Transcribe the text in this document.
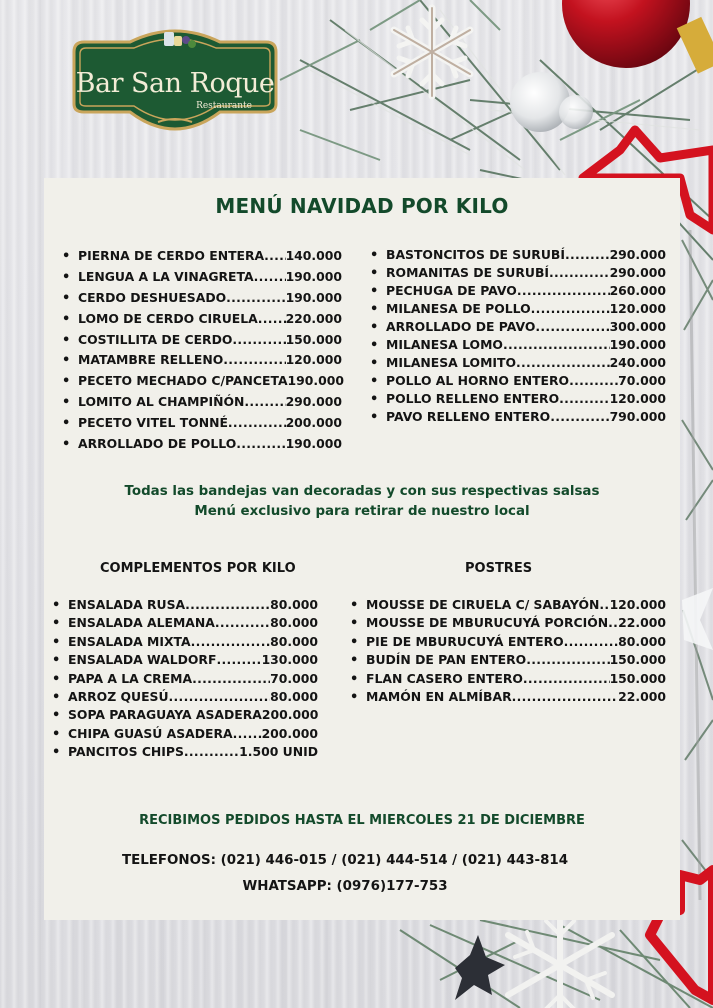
Bar San Roque
Restaurante
MENÚ NAVIDAD POR KILO
• PIERNA DE CERDO ENTERA ..... 140.000
• LENGUA A LA VINAGRETA .....	190.000
• CERDO DESHUESADO .....	190.000
• LOMO DE CERDO CIRUELA ..... 220.000
• COSTILLITA DE CERDO .....	150.000
• MATAMBRE RELLENO .....	120.000
• PECETO MECHADO C/PANCETA 190.000
• LOMITO AL CHAMPIÑÓN .....	290.000
• PECETO VITEL TONNÉ .....	200.000
• ARROLLADO DE POLLO .....	190.000
• BASTONCITOS DE SURUBÍ .....	290.000
• ROMANITAS DE SURUBÍ .....	290.000
• PECHUGA DE PAVO .....	260.000
• MILANESA DE POLLO .....	120.000
• ARROLLADO DE PAVO .....	300.000
• MILANESA LOMO .....	190.000
• MILANESA LOMITO .....	240.000
• POLLO AL HORNO ENTERO .....	70.000
• POLLO RELLENO ENTERO .....	120.000
• PAVO RELLENO ENTERO .....	790.000
Todas las bandejas van decoradas y con sus respectivas salsas
Menú exclusivo para retirar de nuestro local
COMPLEMENTOS POR KILO	POSTRES
• ENSALADA RUSA .....	80.000
• ENSALADA ALEMANA .....	80.000
• ENSALADA MIXTA .....	80.000
• ENSALADA WALDORF .....	130.000
• PAPA A LA CREMA .....	70.000
• ARROZ QUESÚ .....	80.000
• SOPA PARAGUAYA ASADERA 200.000
• CHIPA GUASÚ ASADERA ..... 200.000
• PANCITOS CHIPS .....	1.500 UNID
• MOUSSE DE CIRUELA C/ SABAYÓN ..... 120.000
• MOUSSE DE MBURUCUYÁ PORCIÓN ..... 22.000
• PIE DE MBURUCUYÁ ENTERO .....	80.000
• BUDÍN DE PAN ENTERO .....	150.000
• FLAN CASERO ENTERO .....	150.000
• MAMÓN EN ALMÍBAR .....	22.000
RECIBIMOS PEDIDOS HASTA EL MIERCOLES 21 DE DICIEMBRE
TELEFONOS: (021) 446-015 / (021) 444-514 / (021) 443-814
WHATSAPP: (0976)177-753
